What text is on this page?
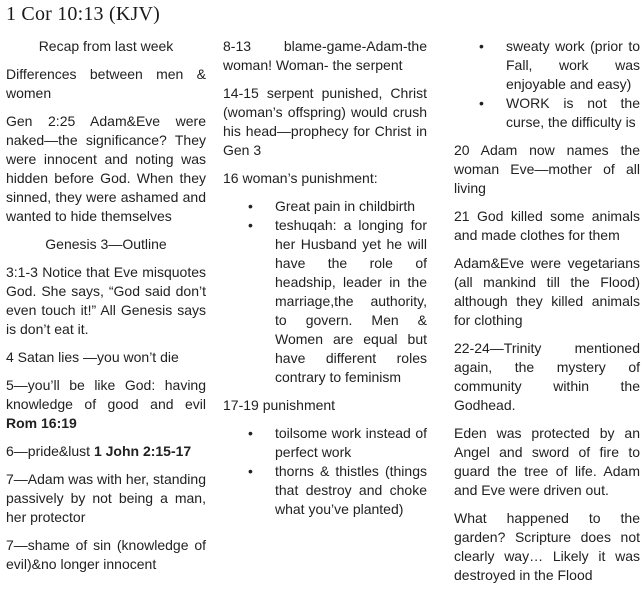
1 Cor 10:13 (KJV)
Recap from last week

Differences between men & women

Gen 2:25 Adam&Eve were naked—the significance? They were innocent and noting was hidden before God. When they sinned, they were ashamed and wanted to hide themselves

Genesis 3—Outline

3:1-3 Notice that Eve misquotes God. She says, “God said don’t even touch it!” All Genesis says is don’t eat it.

4 Satan lies —you won’t die

5—you’ll be like God: having knowledge of good and evil Rom 16:19

6—pride&lust 1 John 2:15-17

7—Adam was with her, standing passively by not being a man, her protector

7—shame of sin (knowledge of evil)&no longer innocent

8-13 blame-game-Adam-the woman! Woman- the serpent

14-15 serpent punished, Christ (woman’s offspring) would crush his head—prophecy for Christ in Gen 3

16 woman’s punishment:

• Great pain in childbirth
• teshuqah: a longing for her Husband yet he will have the role of headship, leader in the marriage,the authority, to govern. Men & Women are equal but have different roles contrary to feminism

17-19 punishment

• toilsome work instead of perfect work
• thorns & thistles (things that destroy and choke what you’ve planted)
• sweaty work (prior to Fall, work was enjoyable and easy)
• WORK is not the curse, the difficulty is

20 Adam now names the woman Eve—mother of all living

21 God killed some animals and made clothes for them

Adam&Eve were vegetarians (all mankind till the Flood) although they killed animals for clothing

22-24—Trinity mentioned again, the mystery of community within the Godhead.

Eden was protected by an Angel and sword of fire to guard the tree of life. Adam and Eve were driven out.

What happened to the garden? Scripture does not clearly way… Likely it was destroyed in the Flood
